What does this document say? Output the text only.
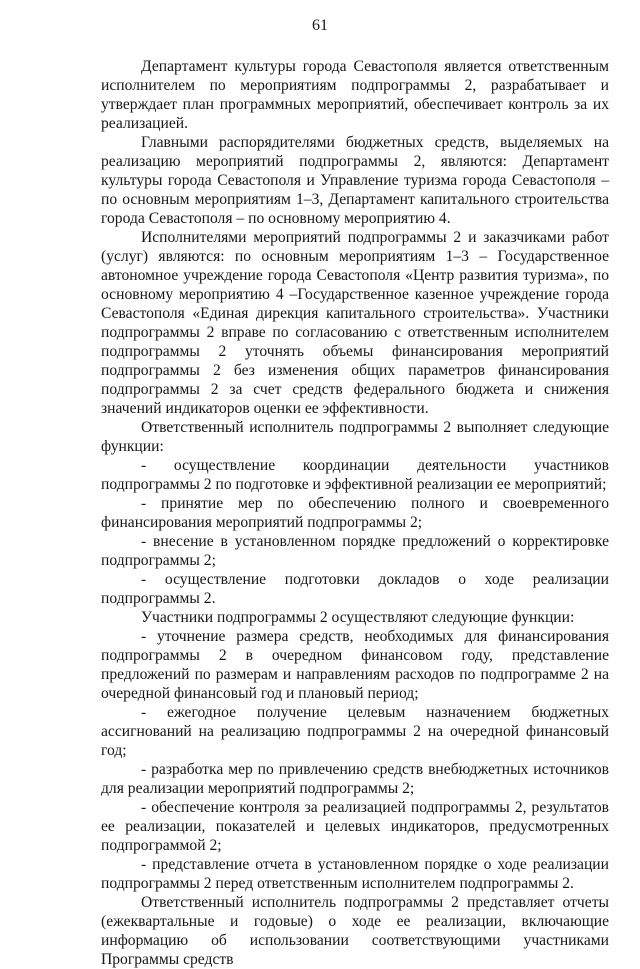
61

Департамент культуры города Севастополя является ответственным исполнителем по мероприятиям подпрограммы 2, разрабатывает и утверждает план программных мероприятий, обеспечивает контроль за их реализацией.

Главными распорядителями бюджетных средств, выделяемых на реализацию мероприятий подпрограммы 2, являются: Департамент культуры города Севастополя и Управление туризма города Севастополя – по основным мероприятиям 1–3, Департамент капитального строительства города Севастополя – по основному мероприятию 4.

Исполнителями мероприятий подпрограммы 2 и заказчиками работ (услуг) являются: по основным мероприятиям 1–3 – Государственное автономное учреждение города Севастополя «Центр развития туризма», по основному мероприятию 4 –Государственное казенное учреждение города Севастополя «Единая дирекция капитального строительства». Участники подпрограммы 2 вправе по согласованию с ответственным исполнителем подпрограммы 2 уточнять объемы финансирования мероприятий подпрограммы 2 без изменения общих параметров финансирования подпрограммы 2 за счет средств федерального бюджета и снижения значений индикаторов оценки ее эффективности.

Ответственный исполнитель подпрограммы 2 выполняет следующие функции:

- осуществление координации деятельности участников подпрограммы 2 по подготовке и эффективной реализации ее мероприятий;

- принятие мер по обеспечению полного и своевременного финансирования мероприятий подпрограммы 2;

- внесение в установленном порядке предложений о корректировке подпрограммы 2;

- осуществление подготовки докладов о ходе реализации подпрограммы 2.

Участники подпрограммы 2 осуществляют следующие функции:

- уточнение размера средств, необходимых для финансирования подпрограммы 2 в очередном финансовом году, представление предложений по размерам и направлениям расходов по подпрограмме 2 на очередной финансовый год и плановый период;

- ежегодное получение целевым назначением бюджетных ассигнований на реализацию подпрограммы 2 на очередной финансовый год;

- разработка мер по привлечению средств внебюджетных источников для реализации мероприятий подпрограммы 2;

- обеспечение контроля за реализацией подпрограммы 2, результатов ее реализации, показателей и целевых индикаторов, предусмотренных подпрограммой 2;

- представление отчета в установленном порядке о ходе реализации подпрограммы 2 перед ответственным исполнителем подпрограммы 2.

Ответственный исполнитель подпрограммы 2 представляет отчеты (ежеквартальные и годовые) о ходе ее реализации, включающие информацию об использовании соответствующими участниками Программы средств
